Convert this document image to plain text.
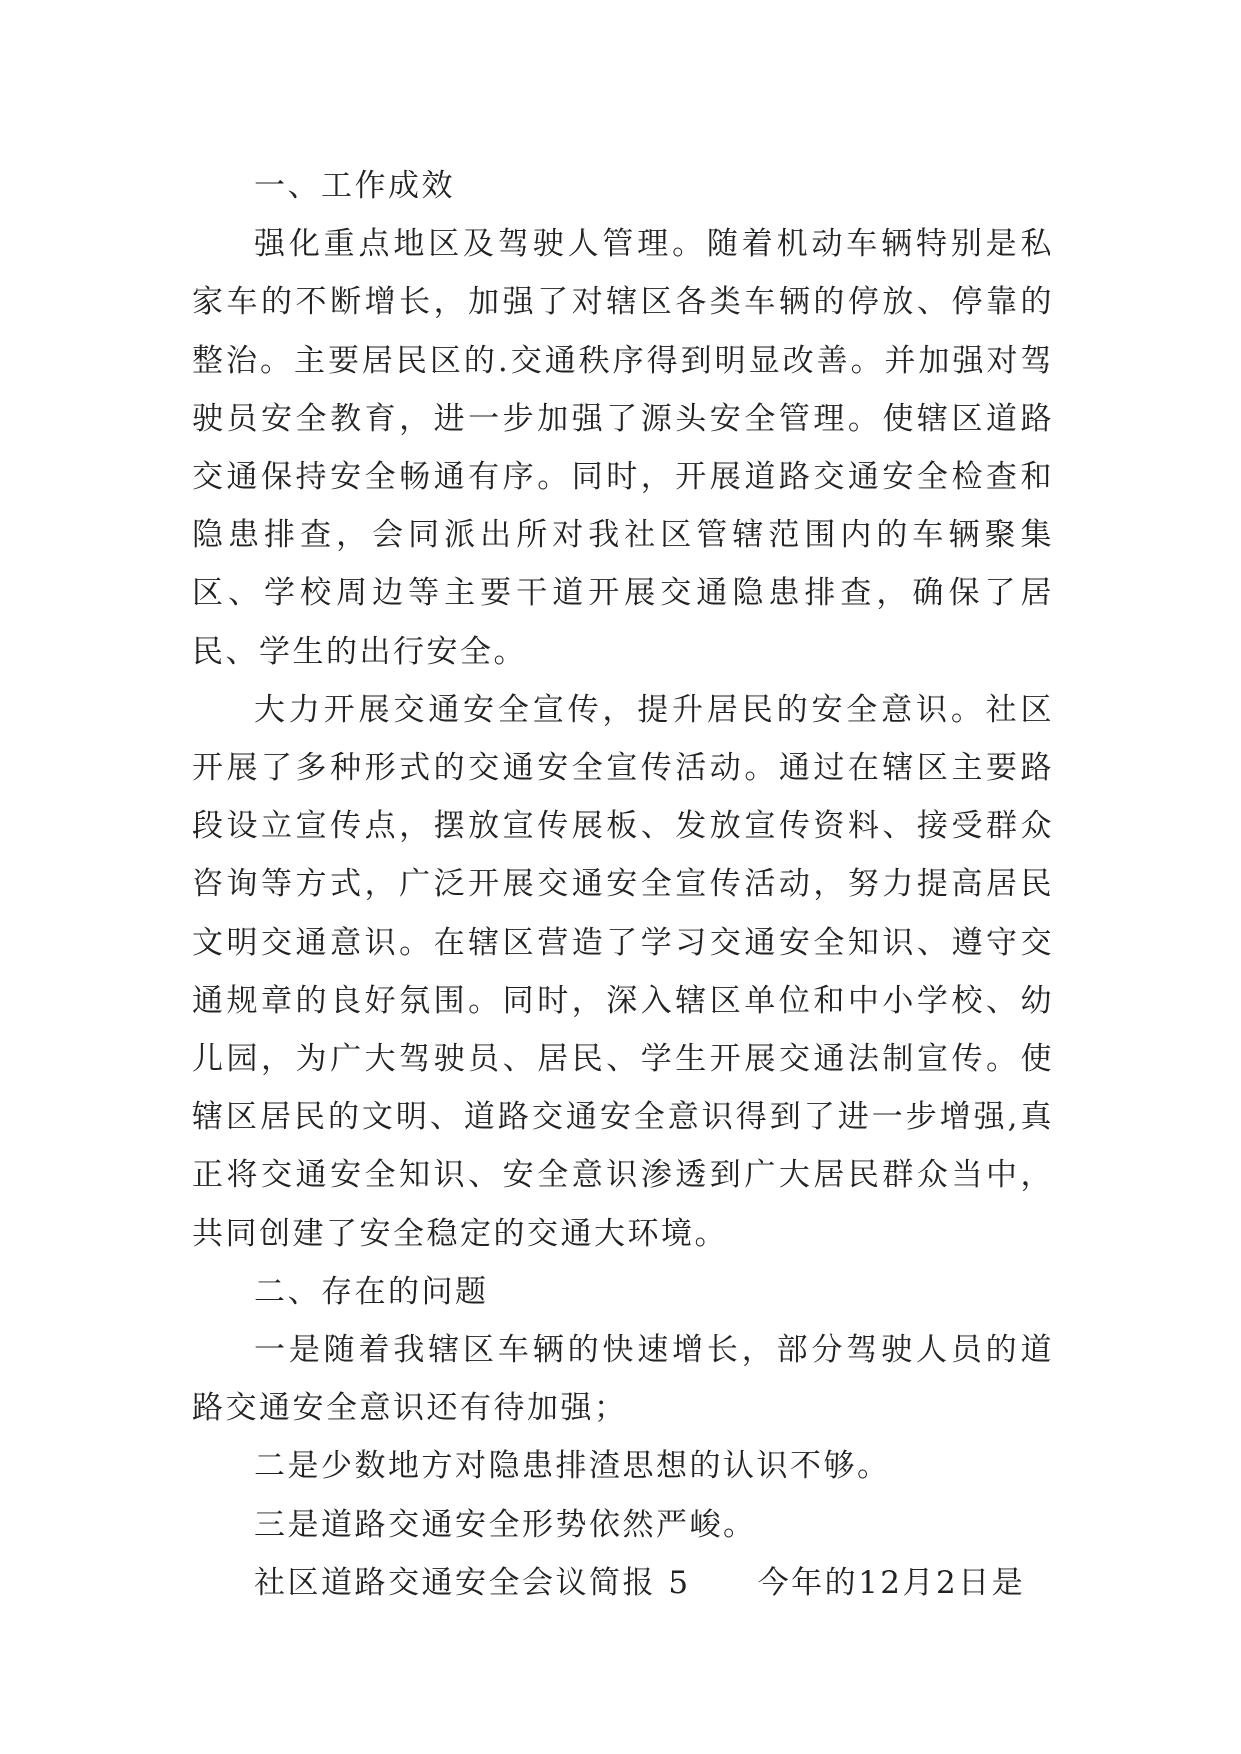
一、工作成效

强化重点地区及驾驶人管理。随着机动车辆特别是私家车的不断增长，加强了对辖区各类车辆的停放、停靠的整治。主要居民区的.交通秩序得到明显改善。并加强对驾驶员安全教育，进一步加强了源头安全管理。使辖区道路交通保持安全畅通有序。同时，开展道路交通安全检查和隐患排查，会同派出所对我社区管辖范围内的车辆聚集区、学校周边等主要干道开展交通隐患排查，确保了居民、学生的出行安全。

大力开展交通安全宣传，提升居民的安全意识。社区开展了多种形式的交通安全宣传活动。通过在辖区主要路段设立宣传点，摆放宣传展板、发放宣传资料、接受群众咨询等方式，广泛开展交通安全宣传活动，努力提高居民文明交通意识。在辖区营造了学习交通安全知识、遵守交通规章的良好氛围。同时，深入辖区单位和中小学校、幼儿园，为广大驾驶员、居民、学生开展交通法制宣传。使辖区居民的文明、道路交通安全意识得到了进一步增强,真正将交通安全知识、安全意识渗透到广大居民群众当中，共同创建了安全稳定的交通大环境。

二、存在的问题

一是随着我辖区车辆的快速增长，部分驾驶人员的道路交通安全意识还有待加强；

二是少数地方对隐患排渣思想的认识不够。

三是道路交通安全形势依然严峻。

社区道路交通安全会议简报 5　　今年的12月2日是
